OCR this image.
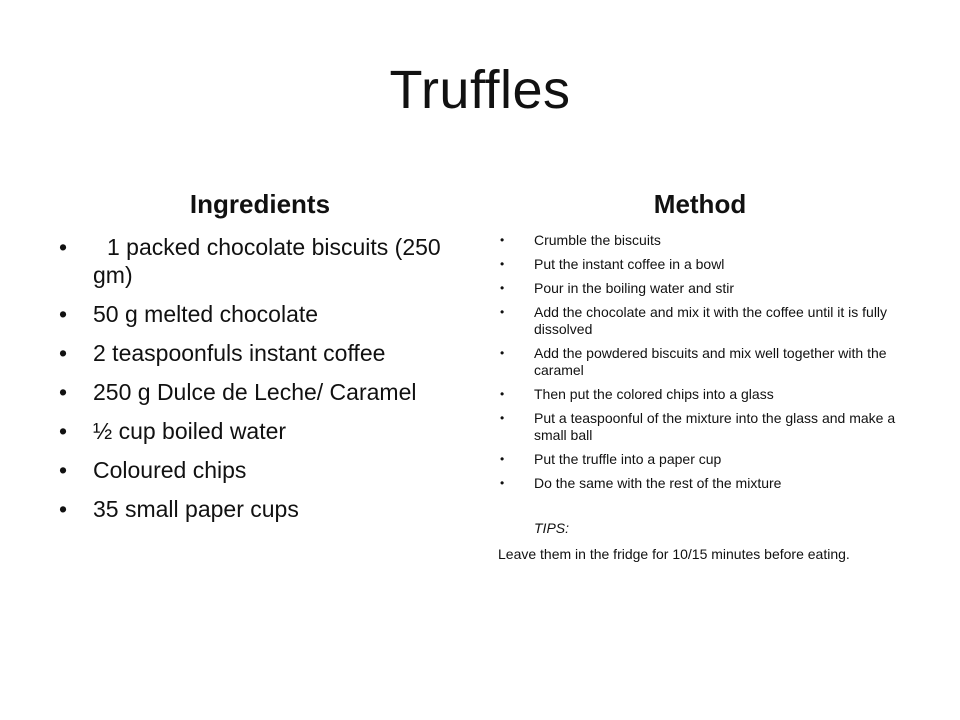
Truffles
Ingredients	Method
• 1 packed chocolate biscuits (250 gm)
• 50 g melted chocolate
• 2 teaspoonfuls instant coffee
• 250 g Dulce de Leche/ Caramel
• ½ cup boiled water
• Coloured chips
• 35 small paper cups
• Crumble the biscuits
• Put the instant coffee in a bowl
• Pour in the boiling water and stir
• Add the chocolate and mix it with the coffee until it is fully dissolved
• Add the powdered biscuits and mix well together with the caramel
• Then put the colored chips into a glass
• Put a teaspoonful of the mixture into the glass and make a small ball
• Put the truffle into a paper cup
• Do the same with the rest of the mixture
TIPS:
Leave them in the fridge for 10/15 minutes before eating.
